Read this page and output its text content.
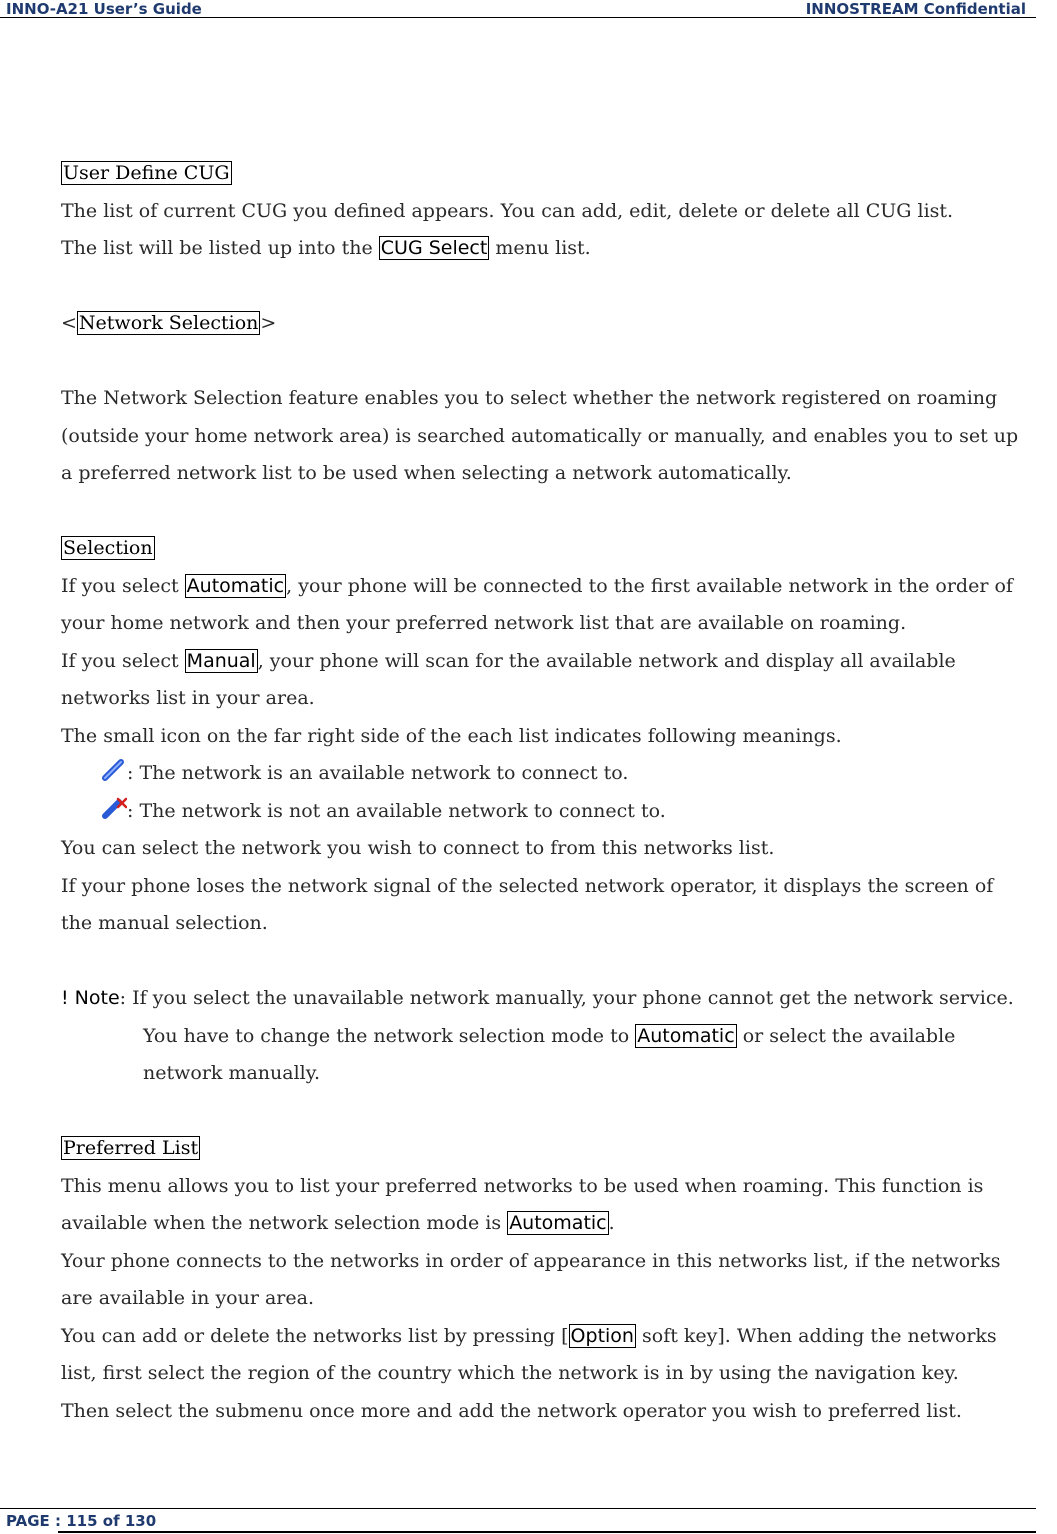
INNO-A21 User’s Guide	INNOSTREAM Confidential
User Define CUG
The list of current CUG you defined appears. You can add, edit, delete or delete all CUG list.
The list will be listed up into the CUG Select menu list.
< Network Selection >
The Network Selection feature enables you to select whether the network registered on roaming
(outside your home network area) is searched automatically or manually, and enables you to set up
a preferred network list to be used when selecting a network automatically.
Selection
If you select Automatic , your phone will be connected to the first available network in the order of
your home network and then your preferred network list that are available on roaming.
If you select Manual , your phone will scan for the available network and display all available
networks list in your area.
The small icon on the far right side of the each list indicates following meanings.
: The network is an available network to connect to.
: The network is not an available network to connect to.
You can select the network you wish to connect to from this networks list.
If your phone loses the network signal of the selected network operator, it displays the screen of
the manual selection.
! Note: If you select the unavailable network manually, your phone cannot get the network service.
You have to change the network selection mode to Automatic or select the available
network manually.
Preferred List
This menu allows you to list your preferred networks to be used when roaming. This function is
available when the network selection mode is Automatic .
Your phone connects to the networks in order of appearance in this networks list, if the networks
are available in your area.
You can add or delete the networks list by pressing [ Option soft key]. When adding the networks
list, first select the region of the country which the network is in by using the navigation key.
Then select the submenu once more and add the network operator you wish to preferred list.
PAGE : 115 of 130
